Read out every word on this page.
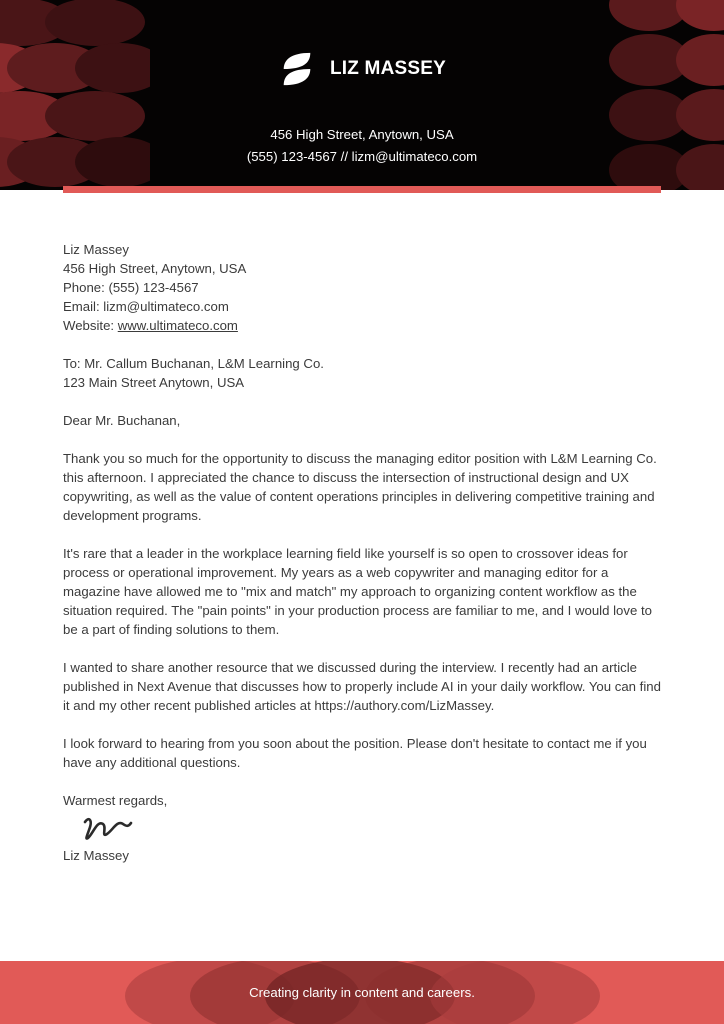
LIZ MASSEY
456 High Street, Anytown, USA
(555) 123-4567 // lizm@ultimateco.com

Liz Massey
456 High Street, Anytown, USA
Phone: (555) 123-4567
Email: lizm@ultimateco.com
Website: www.ultimateco.com

To: Mr. Callum Buchanan, L&M Learning Co.
123 Main Street Anytown, USA

Dear Mr. Buchanan,

Thank you so much for the opportunity to discuss the managing editor position with L&M Learning Co. this afternoon. I appreciated the chance to discuss the intersection of instructional design and UX copywriting, as well as the value of content operations principles in delivering competitive training and development programs.

It's rare that a leader in the workplace learning field like yourself is so open to crossover ideas for process or operational improvement. My years as a web copywriter and managing editor for a magazine have allowed me to "mix and match" my approach to organizing content workflow as the situation required. The "pain points" in your production process are familiar to me, and I would love to be a part of finding solutions to them.

I wanted to share another resource that we discussed during the interview. I recently had an article published in Next Avenue that discusses how to properly include AI in your daily workflow. You can find it and my other recent published articles at https://authory.com/LizMassey.

I look forward to hearing from you soon about the position. Please don't hesitate to contact me if you have any additional questions.

Warmest regards,
Liz Massey
Creating clarity in content and careers.
